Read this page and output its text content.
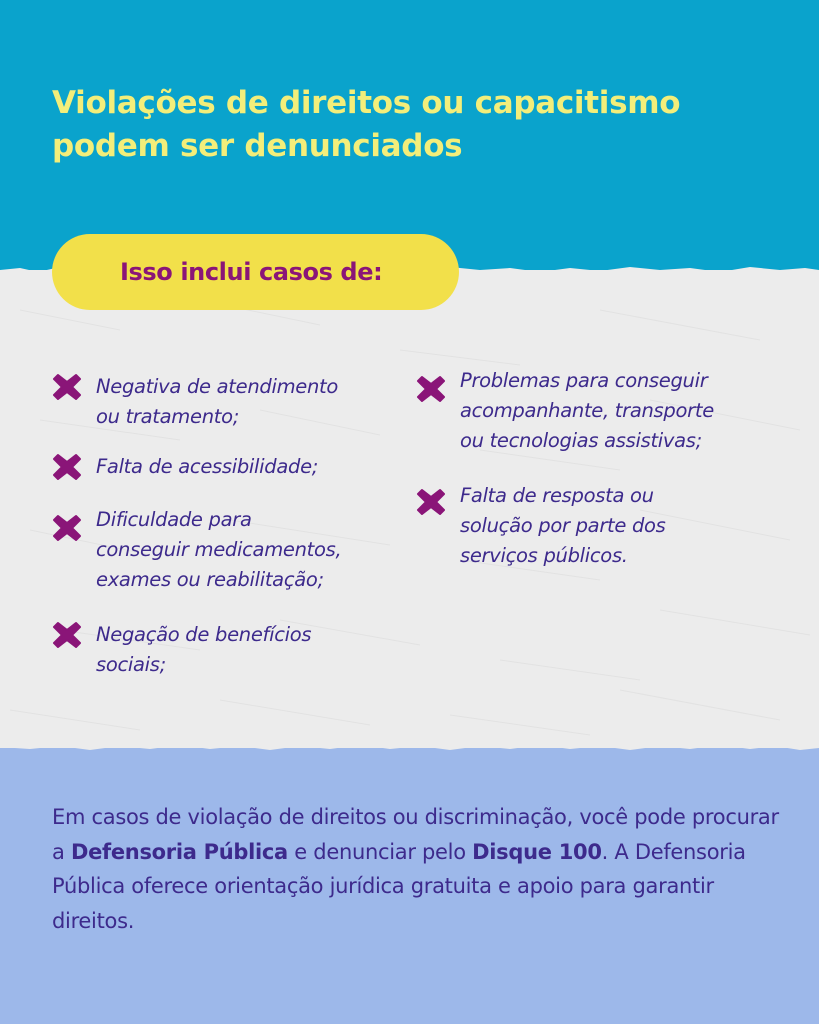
Violações de direitos ou capacitismo
podem ser denunciados
Isso inclui casos de:
Negativa de atendimento
ou tratamento;
Falta de acessibilidade;
Dificuldade para
conseguir medicamentos,
exames ou reabilitação;
Negação de benefícios
sociais;
Problemas para conseguir
acompanhante, transporte
ou tecnologias assistivas;
Falta de resposta ou
solução por parte dos
serviços públicos.
Em casos de violação de direitos ou discriminação, você pode procurar a Defensoria Pública e denunciar pelo Disque 100. A Defensoria Pública oferece orientação jurídica gratuita e apoio para garantir direitos.
